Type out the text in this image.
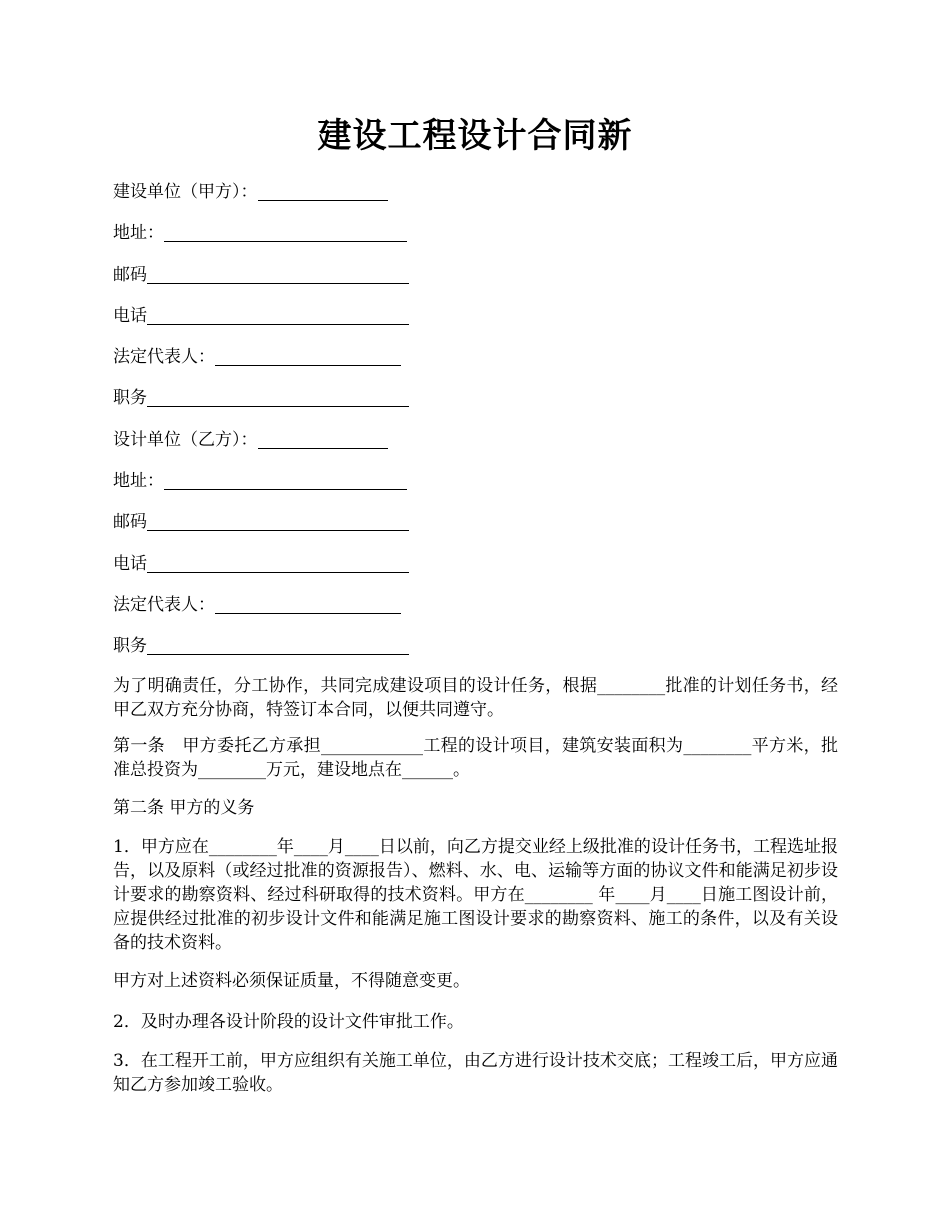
建设工程设计合同新
建设单位（甲方）：
地址：
邮码
电话
法定代表人：
职务
设计单位（乙方）：
地址：
邮码
电话
法定代表人：
职务

为了明确责任，分工协作，共同完成建设项目的设计任务，根据________批准的计划任务书，经甲乙双方充分协商，特签订本合同，以便共同遵守。

第一条　甲方委托乙方承担____________工程的设计项目，建筑安装面积为________平方米，批准总投资为________万元，建设地点在______。

第二条 甲方的义务

1．甲方应在________年____月____日以前，向乙方提交业经上级批准的设计任务书，工程选址报告，以及原料（或经过批准的资源报告）、燃料、水、电、运输等方面的协议文件和能满足初步设计要求的勘察资料、经过科研取得的技术资料。甲方在________ 年____月____日施工图设计前，应提供经过批准的初步设计文件和能满足施工图设计要求的勘察资料、施工的条件，以及有关设备的技术资料。

甲方对上述资料必须保证质量，不得随意变更。

2．及时办理各设计阶段的设计文件审批工作。

3．在工程开工前，甲方应组织有关施工单位，由乙方进行设计技术交底；工程竣工后，甲方应通知乙方参加竣工验收。
